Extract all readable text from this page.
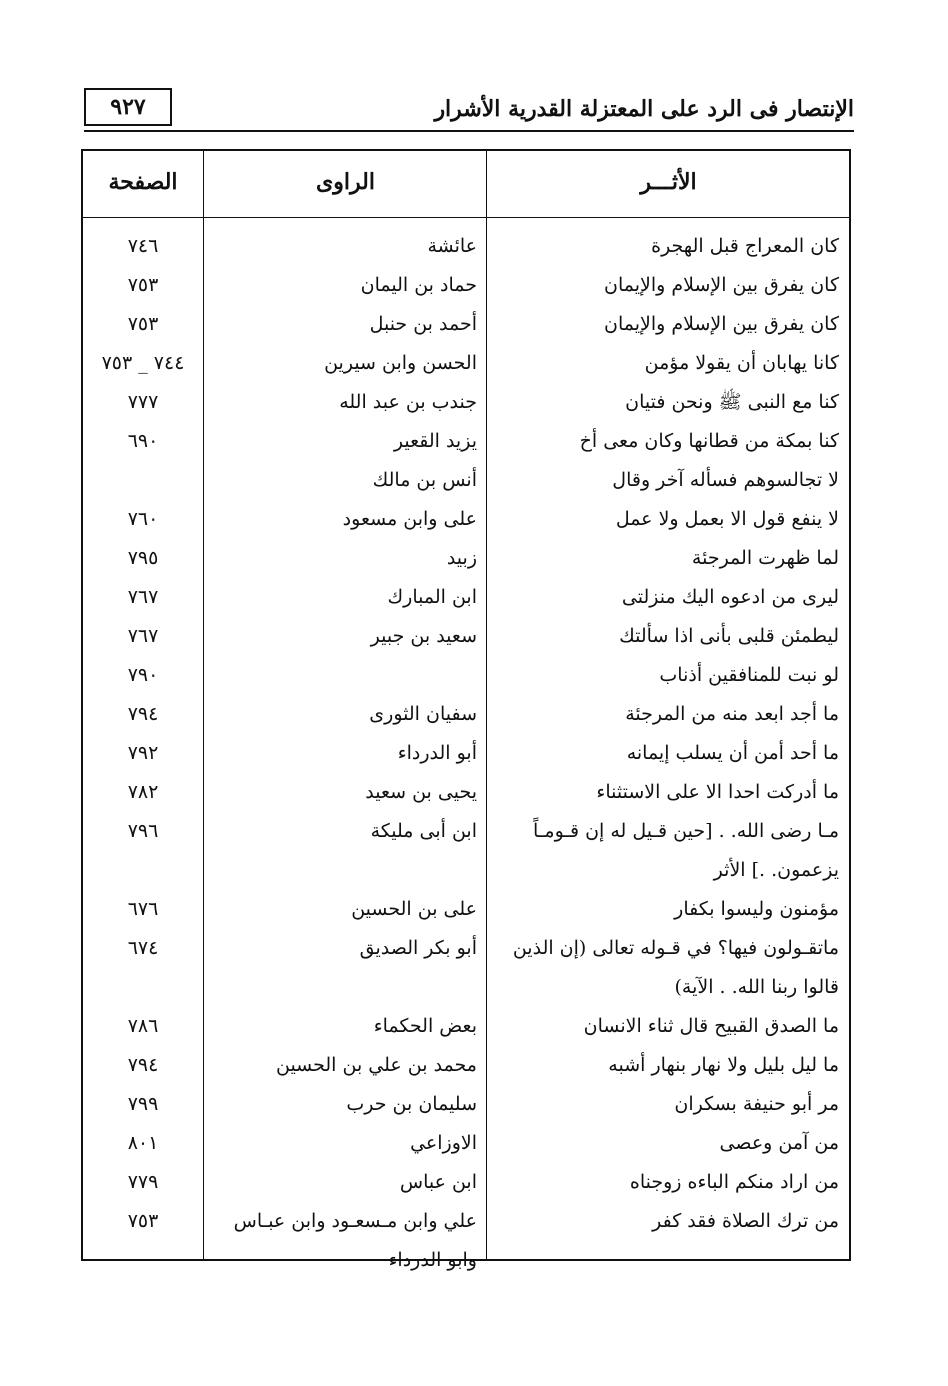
الإنتصار فى الرد على المعتزلة القدرية الأشرار
٩٢٧
الأثـــر
الراوى
الصفحة
كان المعراج قبل الهجرة
عائشة
٧٤٦
كان يفرق بين الإسلام والإيمان
حماد بن اليمان
٧٥٣
كان يفرق بين الإسلام والإيمان
أحمد بن حنبل
٧٥٣
كانا يهابان أن يقولا مؤمن
الحسن وابن سيرين
٧٤٤ _ ٧٥٣
كنا مع النبى ﷺ ونحن فتيان
جندب بن عبد الله
٧٧٧
كنا بمكة من قطانها وكان معى أخ
يزيد القعير
٦٩٠
لا تجالسوهم فسأله آخر وقال
أنس بن مالك
لا ينفع قول الا بعمل ولا عمل
على وابن مسعود
٧٦٠
لما ظهرت المرجئة
زبيد
٧٩٥
ليرى من ادعوه اليك منزلتى
ابن المبارك
٧٦٧
ليطمئن قلبى بأنى اذا سألتك
سعيد بن جبير
٧٦٧
لو نبت للمنافقين أذناب
٧٩٠
ما أجد ابعد منه من المرجئة
سفيان الثورى
٧٩٤
ما أحد أمن أن يسلب إيمانه
أبو الدرداء
٧٩٢
ما أدركت احدا الا على الاستثناء
يحيى بن سعيد
٧٨٢
مـا رضى الله. . [حين قـيل له إن قـومـاً يزعمون. .] الأثر
ابن أبى مليكة
٧٩٦
مؤمنون وليسوا بكفار
على بن الحسين
٦٧٦
ماتقـولون فيها؟ في قـوله تعالى (إن الذين قالوا ربنا الله. . الآية)
أبو بكر الصديق
٦٧٤
ما الصدق القبيح قال ثناء الانسان
بعض الحكماء
٧٨٦
ما ليل بليل ولا نهار بنهار أشبه
محمد بن علي بن الحسين
٧٩٤
مر أبو حنيفة بسكران
سليمان بن حرب
٧٩٩
من آمن وعصى
الاوزاعي
٨٠١
من اراد منكم الباءه زوجناه
ابن عباس
٧٧٩
من ترك الصلاة فقد كفر
علي وابن مـسعـود وابن عبـاس وابو الدرداء
٧٥٣
